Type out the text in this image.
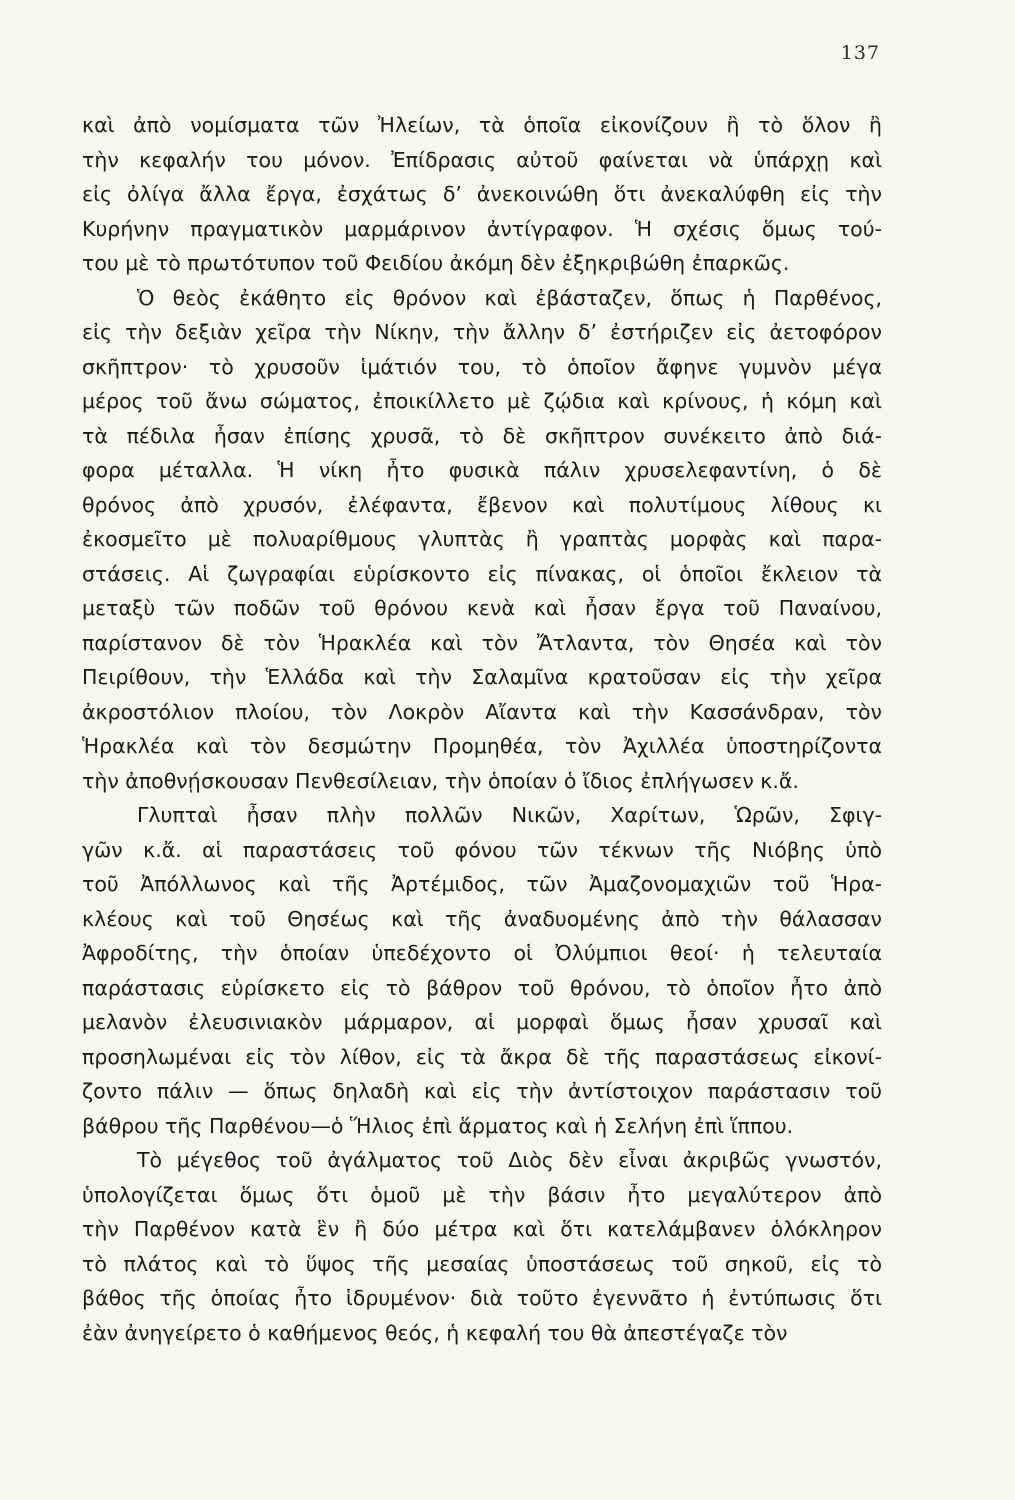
137
καὶ ἀπὸ νομίσματα τῶν Ἠλείων, τὰ ὁποῖα εἰκονίζουν ἢ τὸ ὅλον ἢ
τὴν κεφαλήν του μόνον. Ἐπίδρασις αὐτοῦ φαίνεται νὰ ὑπάρχῃ καὶ
εἰς ὀλίγα ἄλλα ἔργα, ἐσχάτως δ’ ἀνεκοινώθη ὅτι ἀνεκαλύφθη εἰς τὴν
Κυρήνην πραγματικὸν μαρμάρινον ἀντίγραφον. Ἡ σχέσις ὅμως τού-
του μὲ τὸ πρωτότυπον τοῦ Φειδίου ἀκόμη δὲν ἐξηκριβώθη ἐπαρκῶς.
Ὁ θεὸς ἐκάθητο εἰς θρόνον καὶ ἐβάσταζεν, ὅπως ἡ Παρθένος,
εἰς τὴν δεξιὰν χεῖρα τὴν Νίκην, τὴν ἄλλην δ’ ἐστήριζεν εἰς ἀετοφόρον
σκῆπτρον· τὸ χρυσοῦν ἱμάτιόν του, τὸ ὁποῖον ἄφηνε γυμνὸν μέγα
μέρος τοῦ ἄνω σώματος, ἐποικίλλετο μὲ ζῴδια καὶ κρίνους, ἡ κόμη καὶ
τὰ πέδιλα ἦσαν ἐπίσης χρυσᾶ, τὸ δὲ σκῆπτρον συνέκειτο ἀπὸ διά-
φορα μέταλλα. Ἡ νίκη ἦτο φυσικὰ πάλιν χρυσελεφαντίνη, ὁ δὲ
θρόνος ἀπὸ χρυσόν, ἐλέφαντα, ἔβενον καὶ πολυτίμους λίθους κι
ἐκοσμεῖτο μὲ πολυαρίθμους γλυπτὰς ἢ γραπτὰς μορφὰς καὶ παρα-
στάσεις. Αἱ ζωγραφίαι εὑρίσκοντο εἰς πίνακας, οἱ ὁποῖοι ἔκλειον τὰ
μεταξὺ τῶν ποδῶν τοῦ θρόνου κενὰ καὶ ἦσαν ἔργα τοῦ Παναίνου,
παρίστανον δὲ τὸν Ἡρακλέα καὶ τὸν Ἄτλαντα, τὸν Θησέα καὶ τὸν
Πειρίθουν, τὴν Ἑλλάδα καὶ τὴν Σαλαμῖνα κρατοῦσαν εἰς τὴν χεῖρα
ἀκροστόλιον πλοίου, τὸν Λοκρὸν Αἴαντα καὶ τὴν Κασσάνδραν, τὸν
Ἡρακλέα καὶ τὸν δεσμώτην Προμηθέα, τὸν Ἀχιλλέα ὑποστηρίζοντα
τὴν ἀποθνῄσκουσαν Πενθεσίλειαν, τὴν ὁποίαν ὁ ἴδιος ἐπλήγωσεν κ.ἄ.
Γλυπταὶ ἦσαν πλὴν πολλῶν Νικῶν, Χαρίτων, Ὡρῶν, Σφιγ-
γῶν κ.ἄ. αἱ παραστάσεις τοῦ φόνου τῶν τέκνων τῆς Νιόβης ὑπὸ
τοῦ Ἀπόλλωνος καὶ τῆς Ἀρτέμιδος, τῶν Ἀμαζονομαχιῶν τοῦ Ἡρα-
κλέους καὶ τοῦ Θησέως καὶ τῆς ἀναδυομένης ἀπὸ τὴν θάλασσαν
Ἀφροδίτης, τὴν ὁποίαν ὑπεδέχοντο οἱ Ὀλύμπιοι θεοί· ἡ τελευταία
παράστασις εὑρίσκετο εἰς τὸ βάθρον τοῦ θρόνου, τὸ ὁποῖον ἦτο ἀπὸ
μελανὸν ἐλευσινιακὸν μάρμαρον, αἱ μορφαὶ ὅμως ἦσαν χρυσαῖ καὶ
προσηλωμέναι εἰς τὸν λίθον, εἰς τὰ ἄκρα δὲ τῆς παραστάσεως εἰκονί-
ζοντο πάλιν — ὅπως δηλαδὴ καὶ εἰς τὴν ἀντίστοιχον παράστασιν τοῦ
βάθρου τῆς Παρθένου—ὁ Ἥλιος ἐπὶ ἅρματος καὶ ἡ Σελήνη ἐπὶ ἵππου.
Τὸ μέγεθος τοῦ ἀγάλματος τοῦ Διὸς δὲν εἶναι ἀκριβῶς γνωστόν,
ὑπολογίζεται ὅμως ὅτι ὁμοῦ μὲ τὴν βάσιν ἦτο μεγαλύτερον ἀπὸ
τὴν Παρθένον κατὰ ἓν ἢ δύο μέτρα καὶ ὅτι κατελάμβανεν ὁλόκληρον
τὸ πλάτος καὶ τὸ ὕψος τῆς μεσαίας ὑποστάσεως τοῦ σηκοῦ, εἰς τὸ
βάθος τῆς ὁποίας ἦτο ἱδρυμένον· διὰ τοῦτο ἐγεννᾶτο ἡ ἐντύπωσις ὅτι
ἐὰν ἀνηγείρετο ὁ καθήμενος θεός, ἡ κεφαλή του θὰ ἀπεστέγαζε τὸν
